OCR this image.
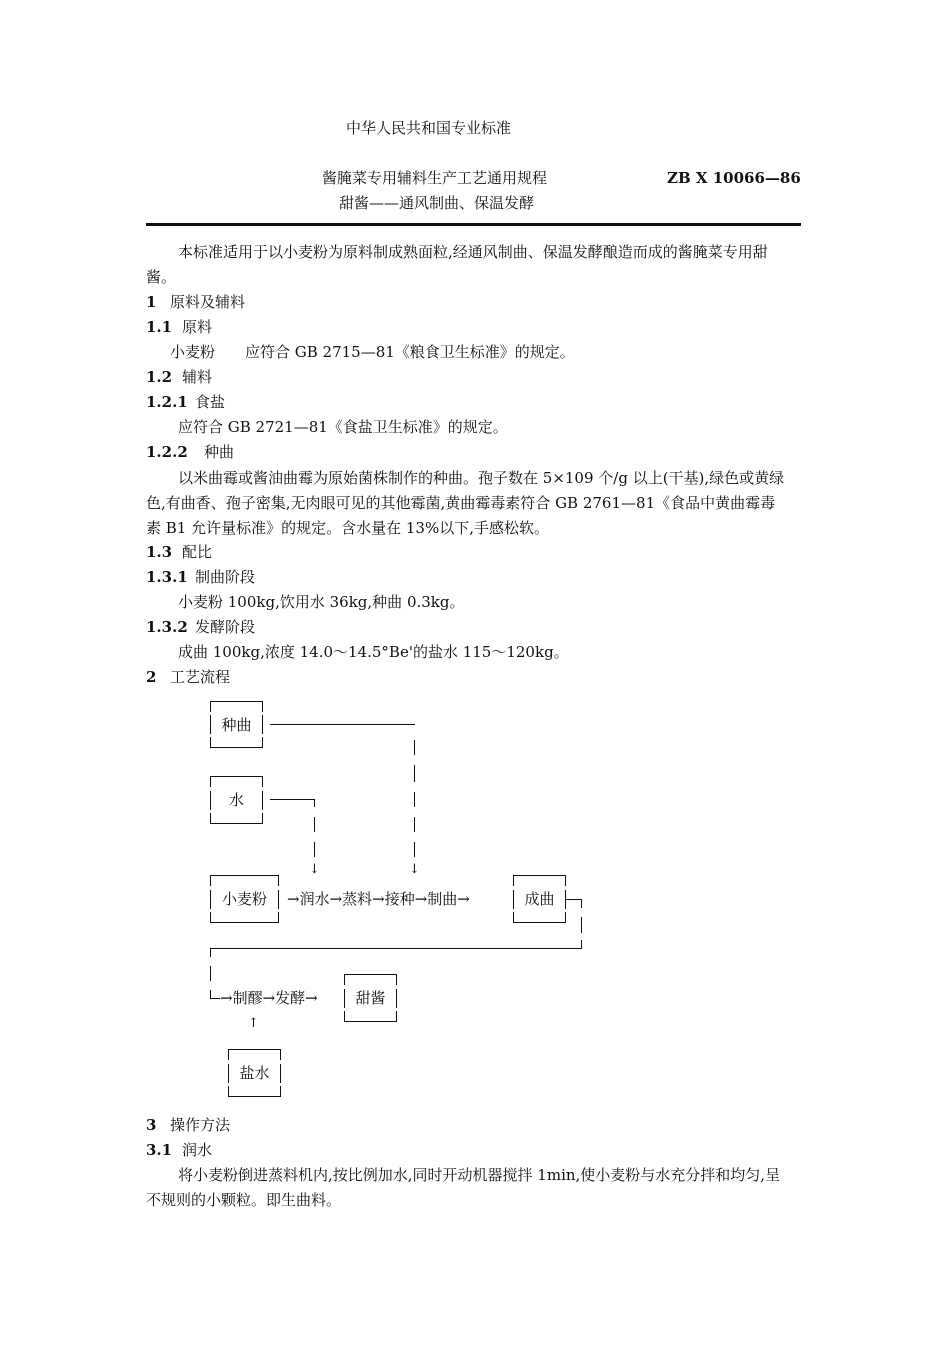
中华人民共和国专业标准
酱腌菜专用辅料生产工艺通用规程	ZB X 10066—86
甜酱——通风制曲、保温发酵
本标准适用于以小麦粉为原料制成熟面粒,经通风制曲、保温发酵酿造而成的酱腌菜专用甜酱。
1 原料及辅料
1.1 原料
小麦粉　　应符合 GB 2715—81《粮食卫生标准》的规定。
1.2 辅料
1.2.1 食盐
应符合 GB 2721—81《食盐卫生标准》的规定。
1.2.2 种曲
以米曲霉或酱油曲霉为原始菌株制作的种曲。孢子数在 5×109 个/g 以上(干基),绿色或黄绿色,有曲香、孢子密集,无肉眼可见的其他霉菌,黄曲霉毒素符合 GB 2761—81《食品中黄曲霉毒素 B1 允许量标准》的规定。含水量在 13%以下,手感松软。
1.3 配比
1.3.1 制曲阶段
小麦粉 100kg,饮用水 36kg,种曲 0.3kg。
1.3.2 发酵阶段
成曲 100kg,浓度 14.0～14.5°Be'的盐水 115～120kg。
2 工艺流程
种曲
↓
水
↓
小麦粉	→润水→蒸料→接种→制曲→	成曲
→制醪→发酵→	甜酱
↑
盐水
3 操作方法
3.1 润水
将小麦粉倒进蒸料机内,按比例加水,同时开动机器搅拌 1min,使小麦粉与水充分拌和均匀,呈不规则的小颗粒。即生曲料。
